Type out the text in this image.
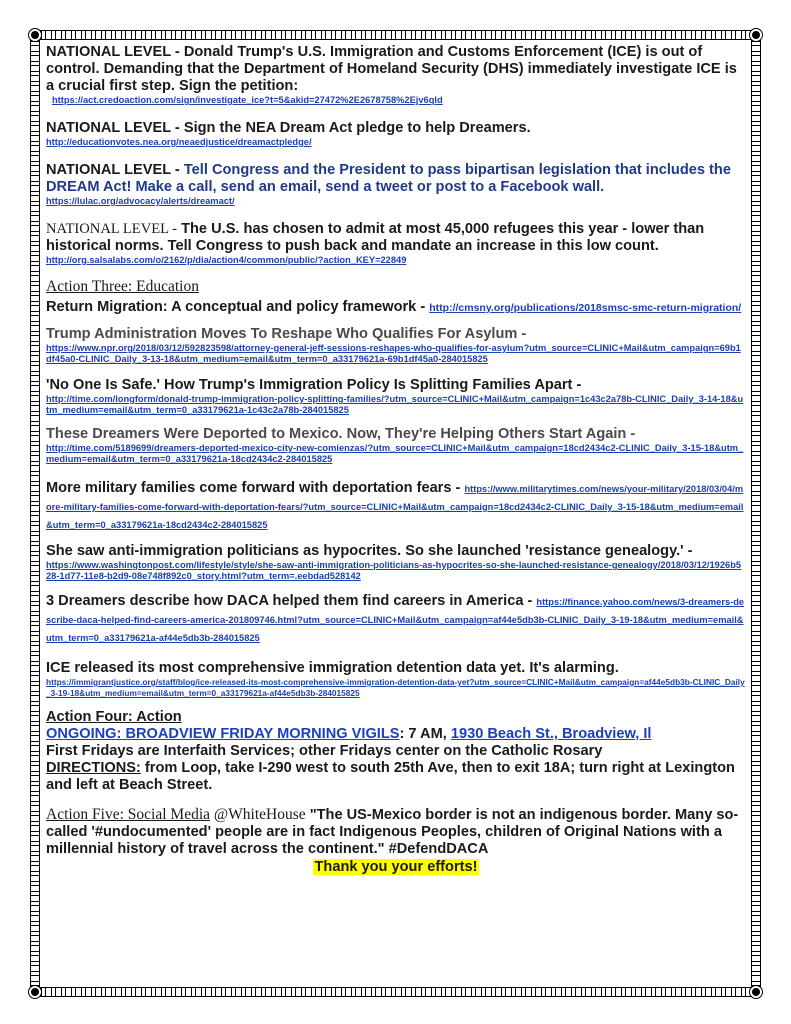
NATIONAL LEVEL - Donald Trump's U.S. Immigration and Customs Enforcement (ICE) is out of control. Demanding that the Department of Homeland Security (DHS) immediately investigate ICE is a crucial first step. Sign the petition:
https://act.credoaction.com/sign/investigate_ice?t=5&akid=27472%2E2678758%2Ejv6qld
NATIONAL LEVEL - Sign the NEA Dream Act pledge to help Dreamers.
http://educationvotes.nea.org/neaedjustice/dreamactpledge/
NATIONAL LEVEL - Tell Congress and the President to pass bipartisan legislation that includes the DREAM Act! Make a call, send an email, send a tweet or post to a Facebook wall.
https://lulac.org/advocacy/alerts/dreamact/
NATIONAL LEVEL - The U.S. has chosen to admit at most 45,000 refugees this year - lower than historical norms. Tell Congress to push back and mandate an increase in this low count.
http://org.salsalabs.com/o/2162/p/dia/action4/common/public/?action_KEY=22849
Action Three: Education
Return Migration: A conceptual and policy framework - http://cmsny.org/publications/2018smsc-smc-return-migration/
Trump Administration Moves To Reshape Who Qualifies For Asylum -
https://www.npr.org/2018/03/12/592823598/attorney-general-jeff-sessions-reshapes-who-qualifies-for-asylum?utm_source=CLINIC+Mail&utm_campaign=69b1df45a0-CLINIC_Daily_3-13-18&utm_medium=email&utm_term=0_a33179621a-69b1df45a0-284015825
'No One Is Safe.' How Trump's Immigration Policy Is Splitting Families Apart -
http://time.com/longform/donald-trump-immigration-policy-splitting-families/?utm_source=CLINIC+Mail&utm_campaign=1c43c2a78b-CLINIC_Daily_3-14-18&utm_medium=email&utm_term=0_a33179621a-1c43c2a78b-284015825
These Dreamers Were Deported to Mexico. Now, They're Helping Others Start Again -
http://time.com/5189699/dreamers-deported-mexico-city-new-comienzas/?utm_source=CLINIC+Mail&utm_campaign=18cd2434c2-CLINIC_Daily_3-15-18&utm_medium=email&utm_term=0_a33179621a-18cd2434c2-284015825
More military families come forward with deportation fears - https://www.militarytimes.com/news/your-military/2018/03/04/more-military-families-come-forward-with-deportation-fears/?utm_source=CLINIC+Mail&utm_campaign=18cd2434c2-CLINIC_Daily_3-15-18&utm_medium=email&utm_term=0_a33179621a-18cd2434c2-284015825
She saw anti-immigration politicians as hypocrites. So she launched 'resistance genealogy.' -
https://www.washingtonpost.com/lifestyle/style/she-saw-anti-immigration-politicians-as-hypocrites-so-she-launched-resistance-genealogy/2018/03/12/1926b528-1d77-11e8-b2d9-08e748f892c0_story.html?utm_term=.eebdad528142
3 Dreamers describe how DACA helped them find careers in America - https://finance.yahoo.com/news/3-dreamers-describe-daca-helped-find-careers-america-201809746.html?utm_source=CLINIC+Mail&utm_campaign=af44e5db3b-CLINIC_Daily_3-19-18&utm_medium=email&utm_term=0_a33179621a-af44e5db3b-284015825
ICE released its most comprehensive immigration detention data yet. It's alarming.
https://immigrantjustice.org/staff/blog/ice-released-its-most-comprehensive-immigration-detention-data-yet?utm_source=CLINIC+Mail&utm_campaign=af44e5db3b-CLINIC_Daily_3-19-18&utm_medium=email&utm_term=0_a33179621a-af44e5db3b-284015825
Action Four: Action
ONGOING: BROADVIEW FRIDAY MORNING VIGILS: 7 AM, 1930 Beach St., Broadview, Il
First Fridays are Interfaith Services; other Fridays center on the Catholic Rosary
DIRECTIONS: from Loop, take I-290 west to south 25th Ave, then to exit 18A; turn right at Lexington and left at Beach Street.
Action Five: Social Media @WhiteHouse "The US-Mexico border is not an indigenous border. Many so-called '#undocumented' people are in fact Indigenous Peoples, children of Original Nations with a millennial history of travel across the continent." #DefendDACA
Thank you your efforts!
